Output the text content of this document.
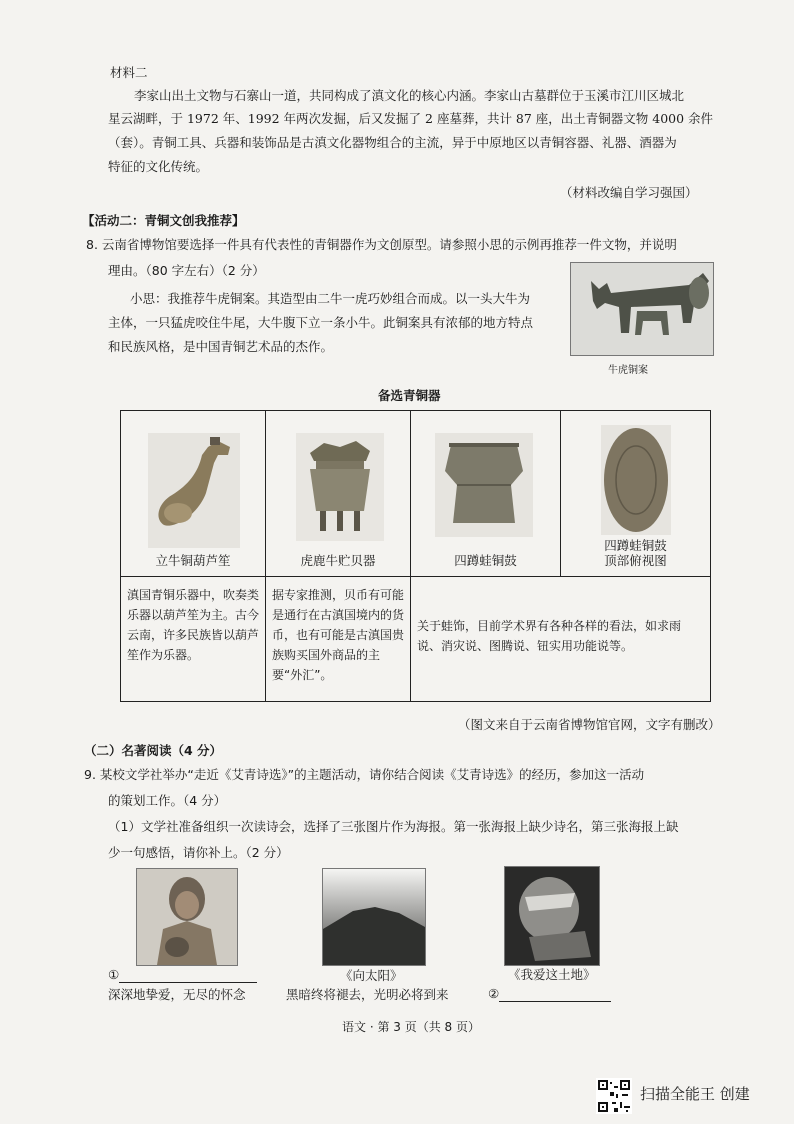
材料二
李家山出土文物与石寨山一道，共同构成了滇文化的核心内涵。李家山古墓群位于玉溪市江川区城北
星云湖畔，于 1972 年、1992 年两次发掘，后又发掘了 2 座墓葬，共计 87 座，出土青铜器文物 4000 余件
（套）。青铜工具、兵器和装饰品是古滇文化器物组合的主流，异于中原地区以青铜容器、礼器、酒器为
特征的文化传统。
（材料改编自学习强国）
【活动二：青铜文创我推荐】
8. 云南省博物馆要选择一件具有代表性的青铜器作为文创原型。请参照小思的示例再推荐一件文物，并说明
理由。（80 字左右）（2 分）
小思：我推荐牛虎铜案。其造型由二牛一虎巧妙组合而成。以一头大牛为
主体，一只猛虎咬住牛尾，大牛腹下立一条小牛。此铜案具有浓郁的地方特点
和民族风格，是中国青铜艺术品的杰作。
牛虎铜案
备选青铜器
立牛铜葫芦笙	虎鹿牛贮贝器	四蹲蛙铜鼓	四蹲蛙铜鼓
顶部俯视图

滇国青铜乐器中，吹奏类乐器以葫芦笙为主。古今云南，许多民族皆以葫芦笙作为乐器。	据专家推测，贝币有可能是通行在古滇国境内的货币，也有可能是古滇国贵族购买国外商品的主要“外汇”。	关于蛙饰，目前学术界有各种各样的看法，如求雨说、消灾说、图腾说、钮实用功能说等。	
（图文来自于云南省博物馆官网，文字有删改）
（二）名著阅读（4 分）
9. 某校文学社举办“走近《艾青诗选》”的主题活动，请你结合阅读《艾青诗选》的经历，参加这一活动
的策划工作。（4 分）
（1）文学社准备组织一次读诗会，选择了三张图片作为海报。第一张海报上缺少诗名，第三张海报上缺
少一句感悟，请你补上。（2 分）
①
深深地挚爱，无尽的怀念
《向太阳》
黑暗终将褪去，光明必将到来
《我爱这土地》
②
语文 · 第 3 页（共 8 页）
扫描全能王 创建
